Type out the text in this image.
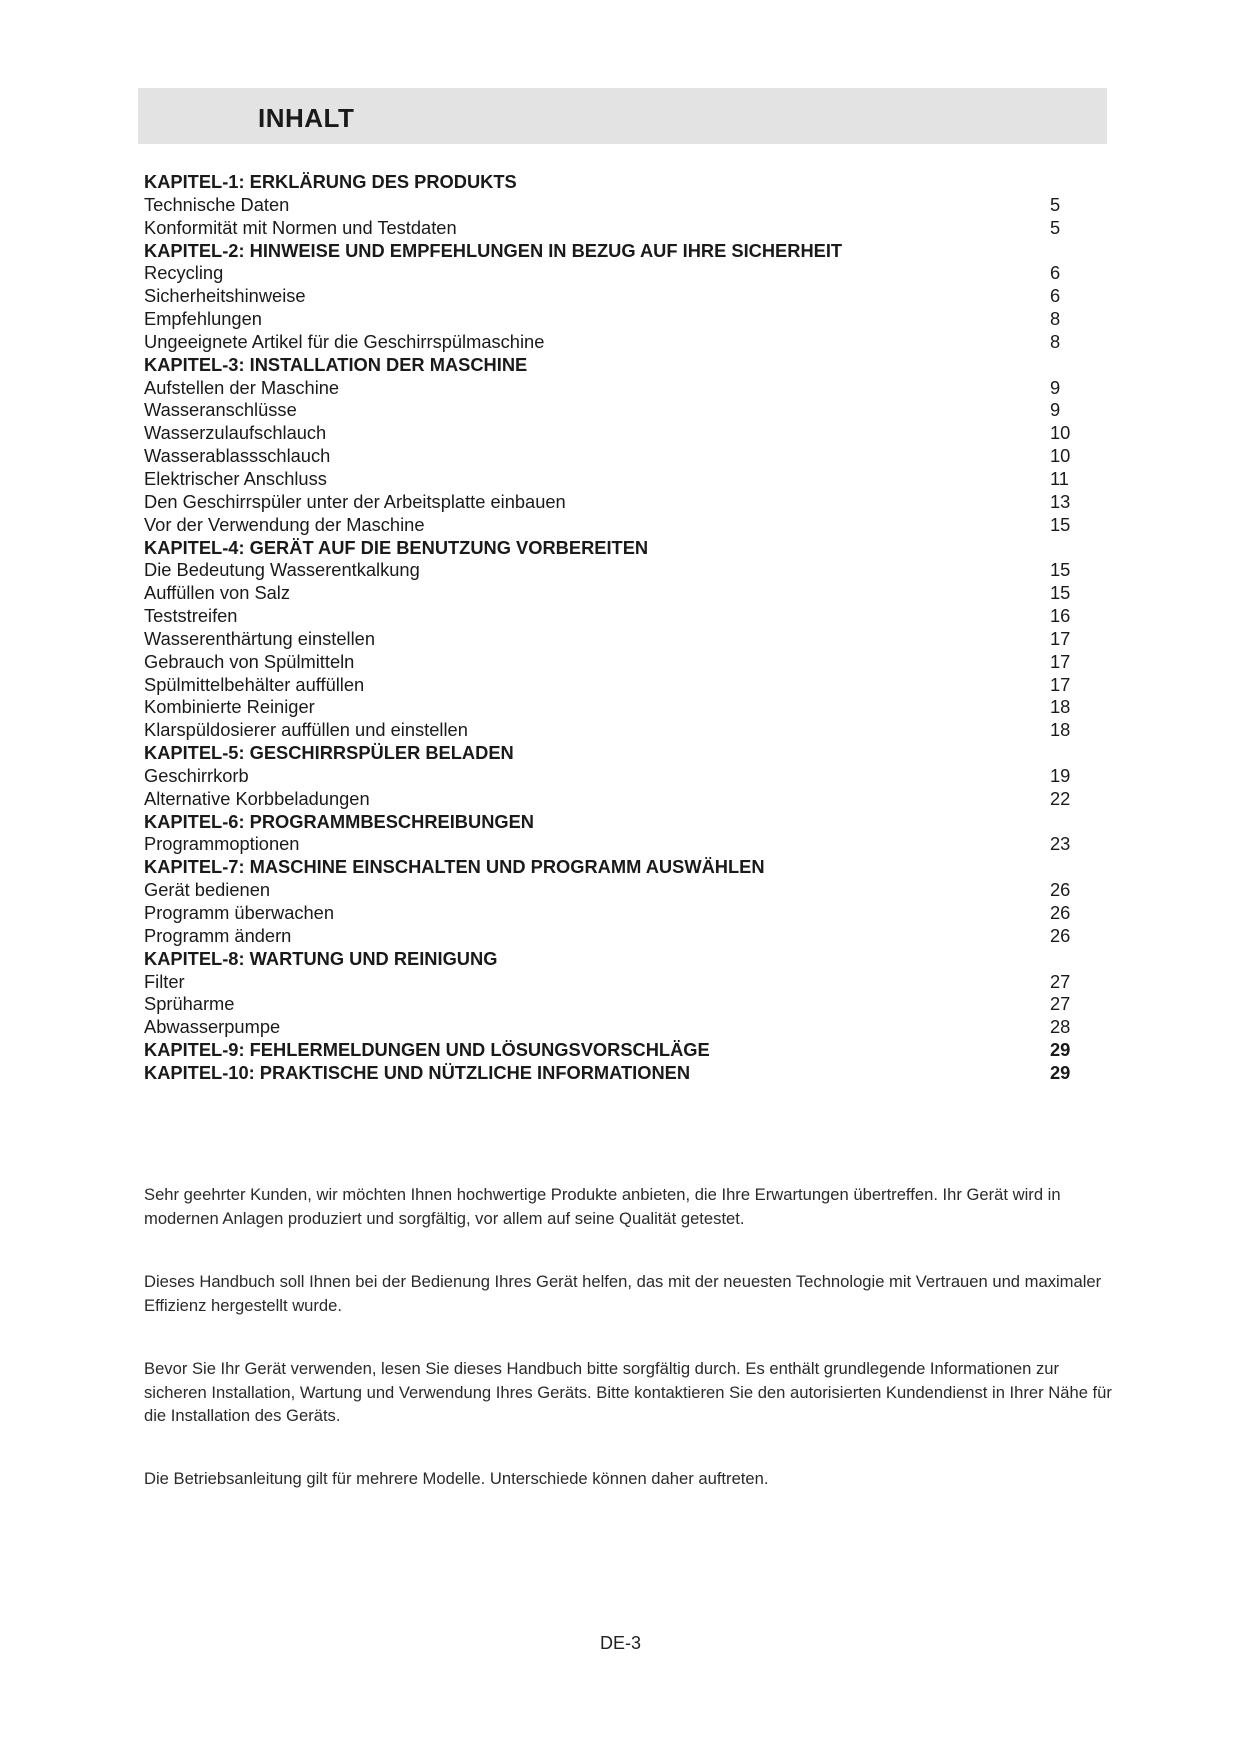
INHALT
KAPITEL-1: ERKLÄRUNG DES PRODUKTS
Technische Daten	5
Konformität mit Normen und Testdaten	5
KAPITEL-2: HINWEISE UND EMPFEHLUNGEN IN BEZUG AUF IHRE SICHERHEIT
Recycling	6
Sicherheitshinweise	6
Empfehlungen	8
Ungeeignete Artikel für die Geschirrspülmaschine	8
KAPITEL-3: INSTALLATION DER MASCHINE
Aufstellen der Maschine	9
Wasseranschlüsse	9
Wasserzulaufschlauch	10
Wasserablassschlauch	10
Elektrischer Anschluss	11
Den Geschirrspüler unter der Arbeitsplatte einbauen	13
Vor der Verwendung der Maschine	15
KAPITEL-4: GERÄT AUF DIE BENUTZUNG VORBEREITEN
Die Bedeutung Wasserentkalkung	15
Auffüllen von Salz	15
Teststreifen	16
Wasserenthärtung einstellen	17
Gebrauch von Spülmitteln	17
Spülmittelbehälter auffüllen	17
Kombinierte Reiniger	18
Klarspüldosierer auffüllen und einstellen	18
KAPITEL-5: GESCHIRRSPÜLER BELADEN
Geschirrkorb	19
Alternative Korbbeladungen	22
KAPITEL-6: PROGRAMMBESCHREIBUNGEN
Programmoptionen	23
KAPITEL-7: MASCHINE EINSCHALTEN UND PROGRAMM AUSWÄHLEN
Gerät bedienen	26
Programm überwachen	26
Programm ändern	26
KAPITEL-8: WARTUNG UND REINIGUNG
Filter	27
Sprüharme	27
Abwasserpumpe	28
KAPITEL-9: FEHLERMELDUNGEN UND LÖSUNGSVORSCHLÄGE	29
KAPITEL-10: PRAKTISCHE UND NÜTZLICHE INFORMATIONEN	29

Sehr geehrter Kunden, wir möchten Ihnen hochwertige Produkte anbieten, die Ihre Erwartungen übertreffen. Ihr Gerät wird in modernen Anlagen produziert und sorgfältig, vor allem auf seine Qualität getestet.

Dieses Handbuch soll Ihnen bei der Bedienung Ihres Gerät helfen, das mit der neuesten Technologie mit Vertrauen und maximaler Effizienz hergestellt wurde.

Bevor Sie Ihr Gerät verwenden, lesen Sie dieses Handbuch bitte sorgfältig durch. Es enthält grundlegende Informationen zur sicheren Installation, Wartung und Verwendung Ihres Geräts. Bitte kontaktieren Sie den autorisierten Kundendienst in Ihrer Nähe für die Installation des Geräts.

Die Betriebsanleitung gilt für mehrere Modelle. Unterschiede können daher auftreten.

DE-3
